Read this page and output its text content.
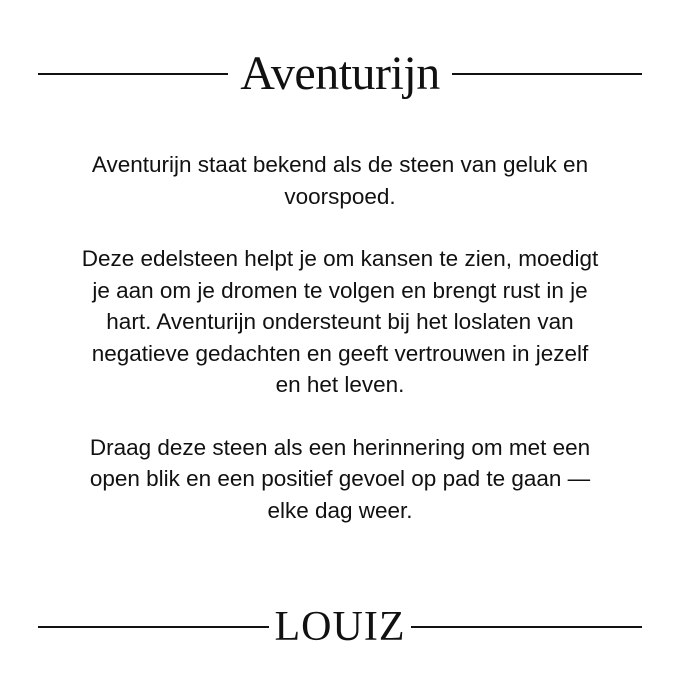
Aventurijn

Aventurijn staat bekend als de steen van geluk en
voorspoed.

Deze edelsteen helpt je om kansen te zien, moedigt
je aan om je dromen te volgen en brengt rust in je
hart. Aventurijn ondersteunt bij het loslaten van
negatieve gedachten en geeft vertrouwen in jezelf
en het leven.

Draag deze steen als een herinnering om met een
open blik en een positief gevoel op pad te gaan —
elke dag weer.

LOUIZ
